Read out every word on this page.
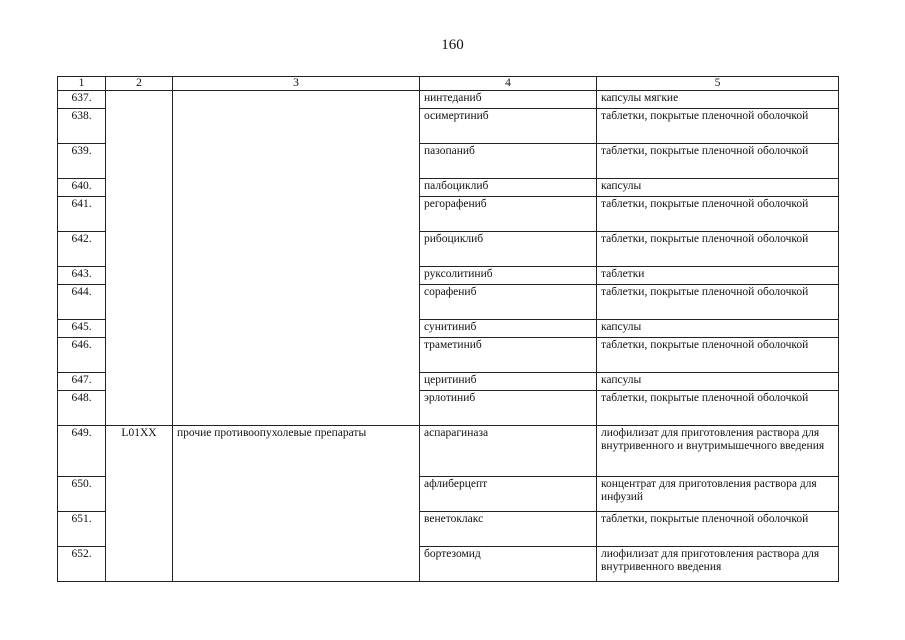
160
1	2	3	4	5
637.			нинтеданиб	капсулы мягкие
638.			осимертиниб	таблетки, покрытые пленочной оболочкой
639.			пазопаниб	таблетки, покрытые пленочной оболочкой
640.			палбоциклиб	капсулы
641.			регорафениб	таблетки, покрытые пленочной оболочкой
642.			рибоциклиб	таблетки, покрытые пленочной оболочкой
643.			руксолитиниб	таблетки
644.			сорафениб	таблетки, покрытые пленочной оболочкой
645.			сунитиниб	капсулы
646.			траметиниб	таблетки, покрытые пленочной оболочкой
647.			церитиниб	капсулы
648.			эрлотиниб	таблетки, покрытые пленочной оболочкой
649.	L01XX	прочие противоопухолевые препараты	аспарагиназа	лиофилизат для приготовления раствора для внутривенного и внутримышечного введения
650.			афлиберцепт	концентрат для приготовления раствора для инфузий
651.			венетоклакс	таблетки, покрытые пленочной оболочкой
652.			бортезомид	лиофилизат для приготовления раствора для внутривенного введения
